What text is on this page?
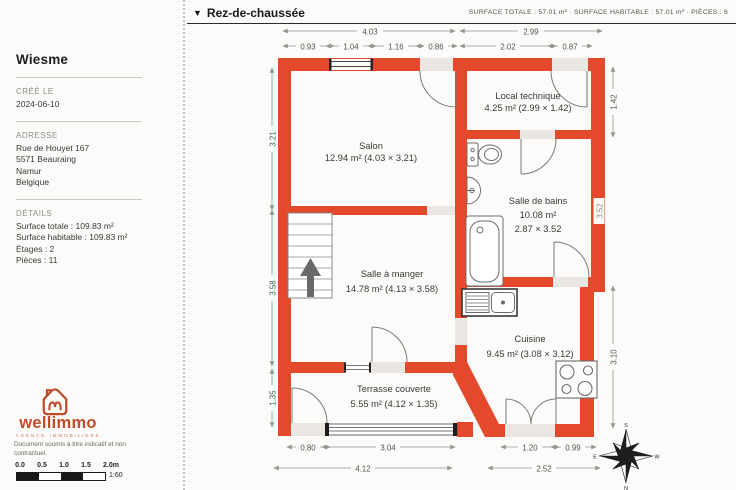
Wiesme
CRÉÉ LE
2024-06-10
ADRESSE
Rue de Houyet 167
5571 Beauraing
Namur
Belgique
DÉTAILS
Surface totale : 109.83 m²
Surface habitable : 109.83 m²
Étages : 2
Pièces : 11
wellimmo
AGENCE IMMOBILIÈRE
Document soumis à titre indicatif et non contractuel.
0.0 0.5 1.0 1.5 2.0m
1:60
▼ Rez-de-chaussée	SURFACE TOTALE : 57.01 m² · SURFACE HABITABLE : 57.01 m² · PIÈCES : 6
Salon
12.94 m² (4.03 × 3.21)
Local technique
4.25 m² (2.99 × 1.42)
Salle de bains
10.08 m²
2.87 × 3.52
Salle à manger
14.78 m² (4.13 × 3.58)
Cuisine
9.45 m² (3.08 × 3.12)
Terrasse couverte
5.55 m² (4.12 × 1.35)
4.03	2.99
0.93	1.04	1.16	0.86	2.02	0.87
3.21
3.58
1.35
1.42
3.52
3.10
0.80	3.04	1.20	0.99
4.12	2.52
S
N
E	W
